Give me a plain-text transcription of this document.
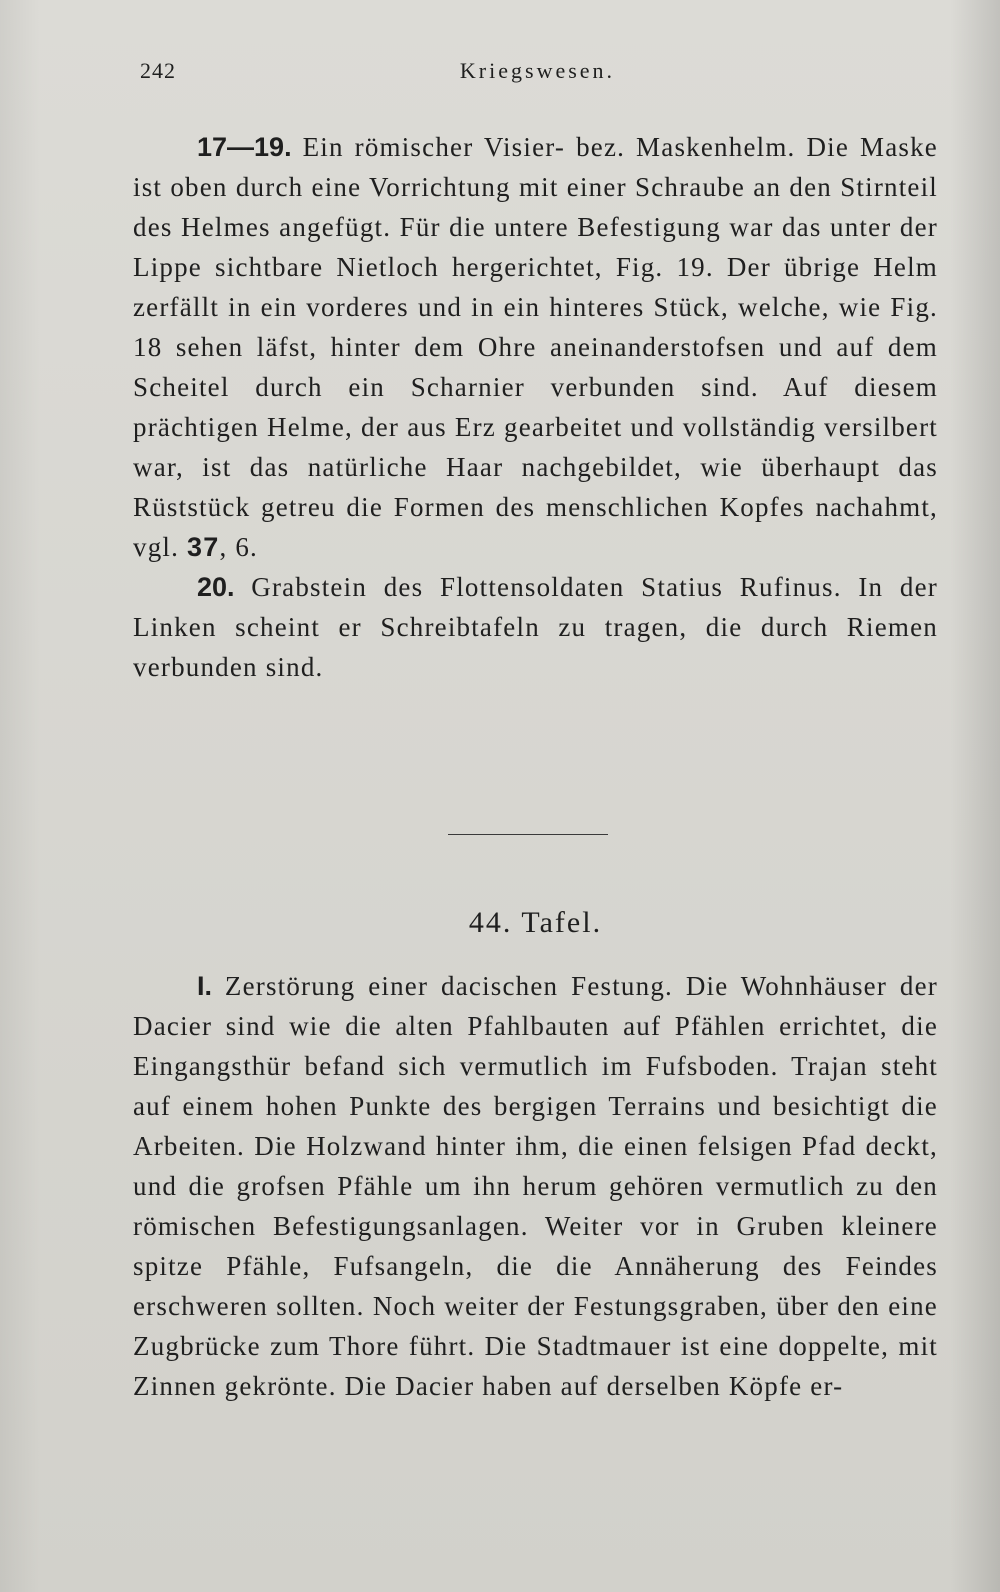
242	Kriegswesen.

17—19. Ein römischer Visier- bez. Maskenhelm. Die Maske ist oben durch eine Vorrichtung mit einer Schraube an den Stirnteil des Helmes angefügt. Für die untere Befestigung war das unter der Lippe sichtbare Nietloch hergerichtet, Fig. 19. Der übrige Helm zerfällt in ein vorderes und in ein hinteres Stück, welche, wie Fig. 18 sehen läfst, hinter dem Ohre aneinanderstofsen und auf dem Scheitel durch ein Scharnier verbunden sind. Auf diesem prächtigen Helme, der aus Erz gearbeitet und vollständig versilbert war, ist das natürliche Haar nachgebildet, wie überhaupt das Rüststück getreu die Formen des menschlichen Kopfes nachahmt, vgl. 37, 6.

20. Grabstein des Flottensoldaten Statius Rufinus. In der Linken scheint er Schreibtafeln zu tragen, die durch Riemen verbunden sind.

44. Tafel.

I. Zerstörung einer dacischen Festung. Die Wohnhäuser der Dacier sind wie die alten Pfahlbauten auf Pfählen errichtet, die Eingangsthür befand sich vermutlich im Fufsboden. Trajan steht auf einem hohen Punkte des bergigen Terrains und besichtigt die Arbeiten. Die Holzwand hinter ihm, die einen felsigen Pfad deckt, und die grofsen Pfähle um ihn herum gehören vermutlich zu den römischen Befestigungsanlagen. Weiter vor in Gruben kleinere spitze Pfähle, Fufsangeln, die die Annäherung des Feindes erschweren sollten. Noch weiter der Festungsgraben, über den eine Zugbrücke zum Thore führt. Die Stadtmauer ist eine doppelte, mit Zinnen gekrönte. Die Dacier haben auf derselben Köpfe er-
